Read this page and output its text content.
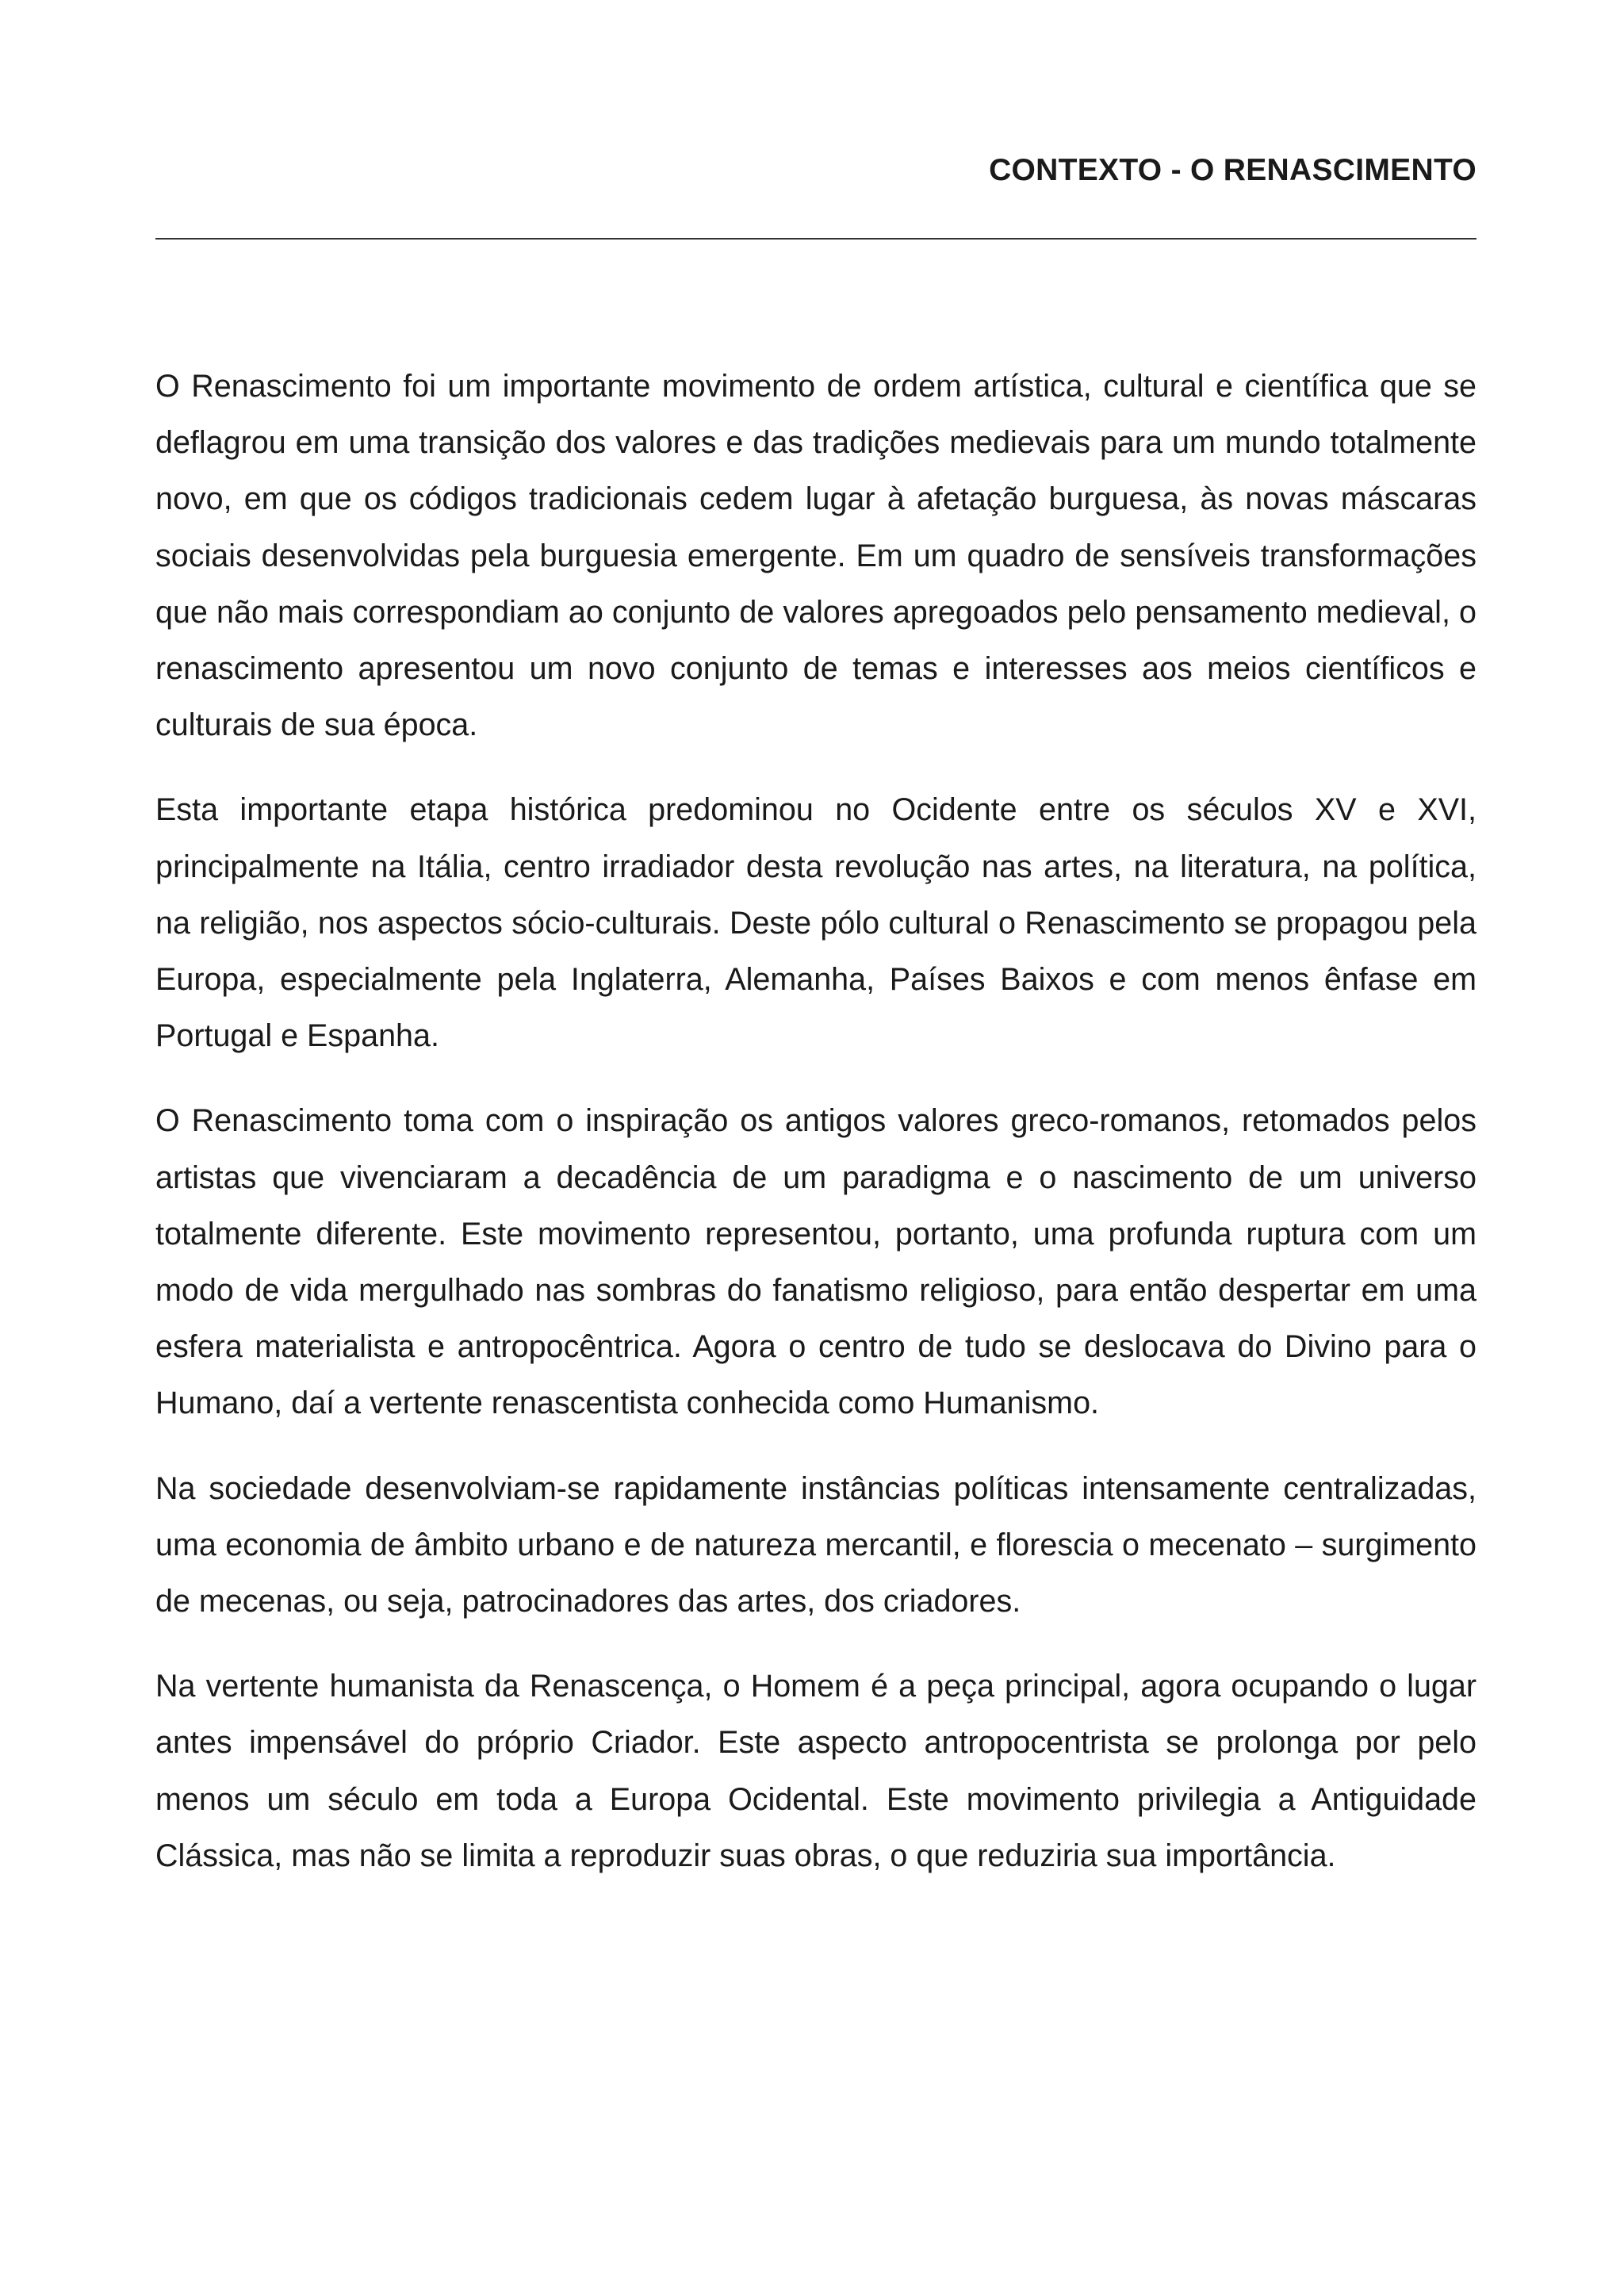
CONTEXTO - O RENASCIMENTO

O Renascimento foi um importante movimento de ordem artística, cultural e científica que se deflagrou em uma transição dos valores e das tradições medievais para um mundo totalmente novo, em que os códigos tradicionais cedem lugar à afetação burguesa, às novas máscaras sociais desenvolvidas pela burguesia emergente. Em um quadro de sensíveis transformações que não mais correspondiam ao conjunto de valores apregoados pelo pensamento medieval, o renascimento apresentou um novo conjunto de temas e interesses aos meios científicos e culturais de sua época.

Esta importante etapa histórica predominou no Ocidente entre os séculos XV e XVI, principalmente na Itália, centro irradiador desta revolução nas artes, na literatura, na política, na religião, nos aspectos sócio-culturais. Deste pólo cultural o Renascimento se propagou pela Europa, especialmente pela Inglaterra, Alemanha, Países Baixos e com menos ênfase em Portugal e Espanha.

O Renascimento toma com o inspiração os antigos valores greco-romanos, retomados pelos artistas que vivenciaram a decadência de um paradigma e o nascimento de um universo totalmente diferente. Este movimento representou, portanto, uma profunda ruptura com um modo de vida mergulhado nas sombras do fanatismo religioso, para então despertar em uma esfera materialista e antropocêntrica. Agora o centro de tudo se deslocava do Divino para o Humano, daí a vertente renascentista conhecida como Humanismo.

Na sociedade desenvolviam-se rapidamente instâncias políticas intensamente centralizadas, uma economia de âmbito urbano e de natureza mercantil, e florescia o mecenato – surgimento de mecenas, ou seja, patrocinadores das artes, dos criadores.

Na vertente humanista da Renascença, o Homem é a peça principal, agora ocupando o lugar antes impensável do próprio Criador. Este aspecto antropocentrista se prolonga por pelo menos um século em toda a Europa Ocidental. Este movimento privilegia a Antiguidade Clássica, mas não se limita a reproduzir suas obras, o que reduziria sua importância.
